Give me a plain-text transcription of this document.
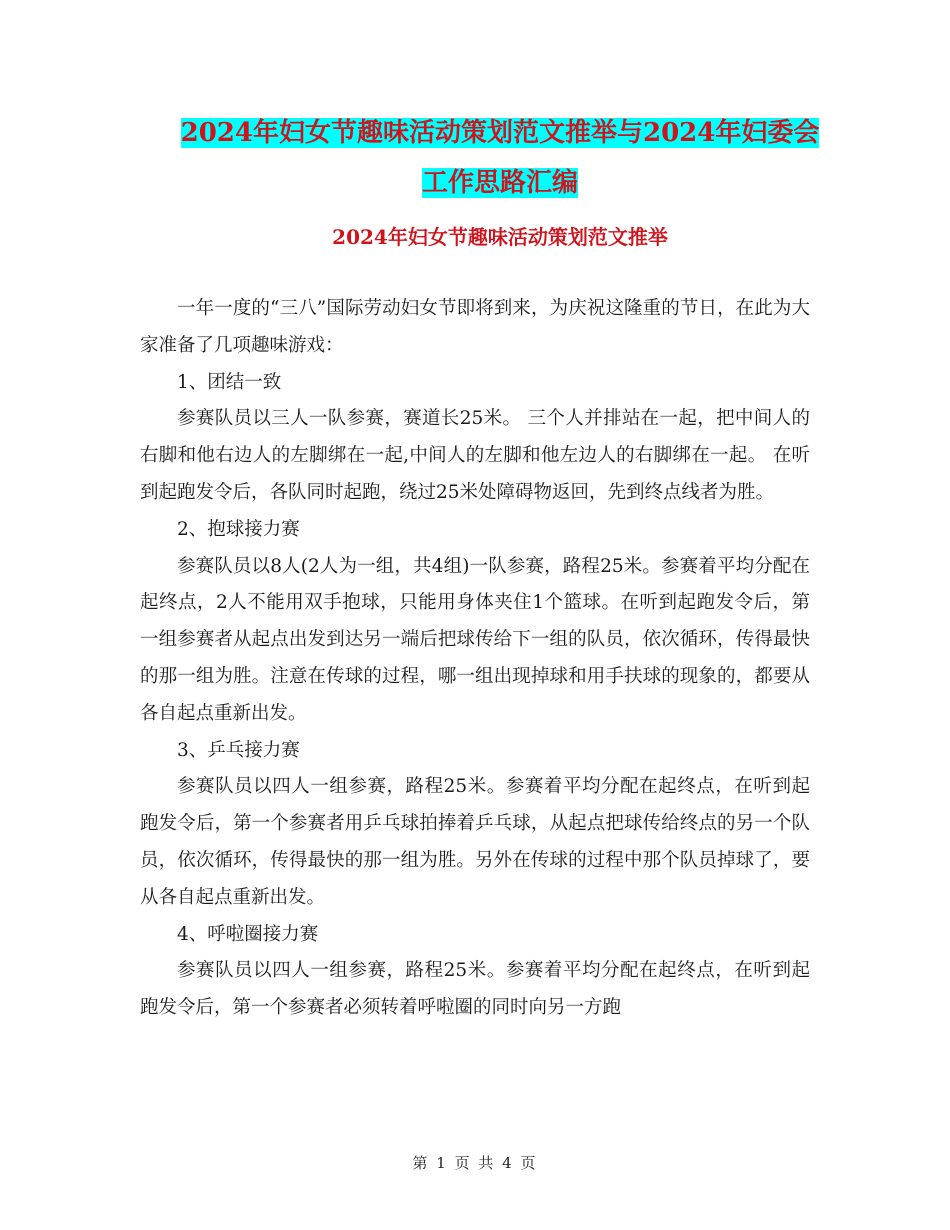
2024年妇女节趣味活动策划范文推举与2024年妇委会
工作思路汇编
2024年妇女节趣味活动策划范文推举

一年一度的“三八”国际劳动妇女节即将到来，为庆祝这隆重的节日，在此为大家准备了几项趣味游戏：

1、团结一致

参赛队员以三人一队参赛，赛道长25米。 三个人并排站在一起，把中间人的右脚和他右边人的左脚绑在一起,中间人的左脚和他左边人的右脚绑在一起。 在听到起跑发令后，各队同时起跑，绕过25米处障碍物返回，先到终点线者为胜。

2、抱球接力赛

参赛队员以8人(2人为一组，共4组)一队参赛，路程25米。参赛着平均分配在起终点，2人不能用双手抱球，只能用身体夹住1个篮球。在听到起跑发令后，第一组参赛者从起点出发到达另一端后把球传给下一组的队员，依次循环，传得最快的那一组为胜。注意在传球的过程，哪一组出现掉球和用手扶球的现象的，都要从各自起点重新出发。

3、乒乓接力赛

参赛队员以四人一组参赛，路程25米。参赛着平均分配在起终点，在听到起跑发令后，第一个参赛者用乒乓球拍捧着乒乓球，从起点把球传给终点的另一个队员，依次循环，传得最快的那一组为胜。另外在传球的过程中那个队员掉球了，要从各自起点重新出发。

4、呼啦圈接力赛

参赛队员以四人一组参赛，路程25米。参赛着平均分配在起终点，在听到起跑发令后，第一个参赛者必须转着呼啦圈的同时向另一方跑

第 1 页 共 4 页
